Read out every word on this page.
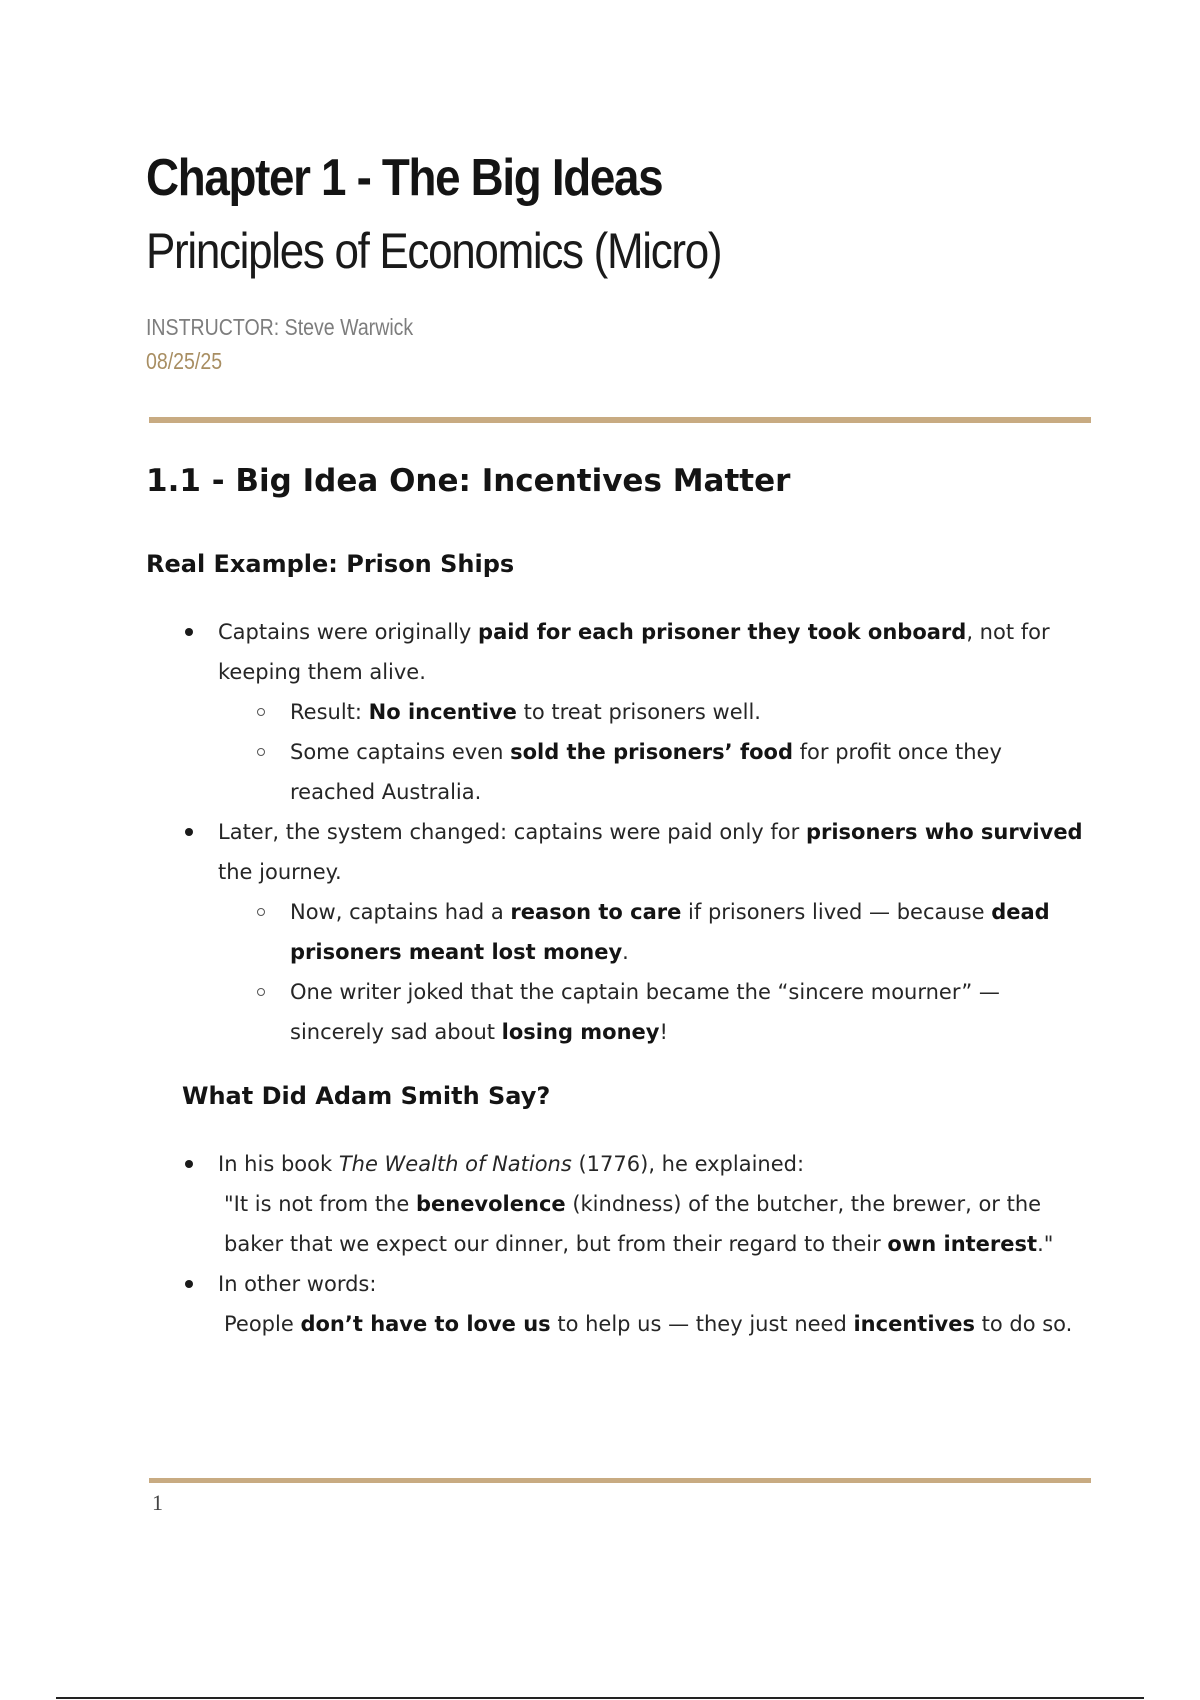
Chapter 1 - The Big Ideas
Principles of Economics (Micro)
INSTRUCTOR: Steve Warwick
08/25/25
1.1 - Big Idea One: Incentives Matter
Real Example: Prison Ships
Captains were originally paid for each prisoner they took onboard, not for keeping them alive.
Result: No incentive to treat prisoners well.
Some captains even sold the prisoners’ food for profit once they reached Australia.
Later, the system changed: captains were paid only for prisoners who survived the journey.
Now, captains had a reason to care if prisoners lived — because dead prisoners meant lost money.
One writer joked that the captain became the “sincere mourner” — sincerely sad about losing money!
What Did Adam Smith Say?
In his book The Wealth of Nations (1776), he explained:
"It is not from the benevolence (kindness) of the butcher, the brewer, or the baker that we expect our dinner, but from their regard to their own interest."
In other words:
People don’t have to love us to help us — they just need incentives to do so.
1
